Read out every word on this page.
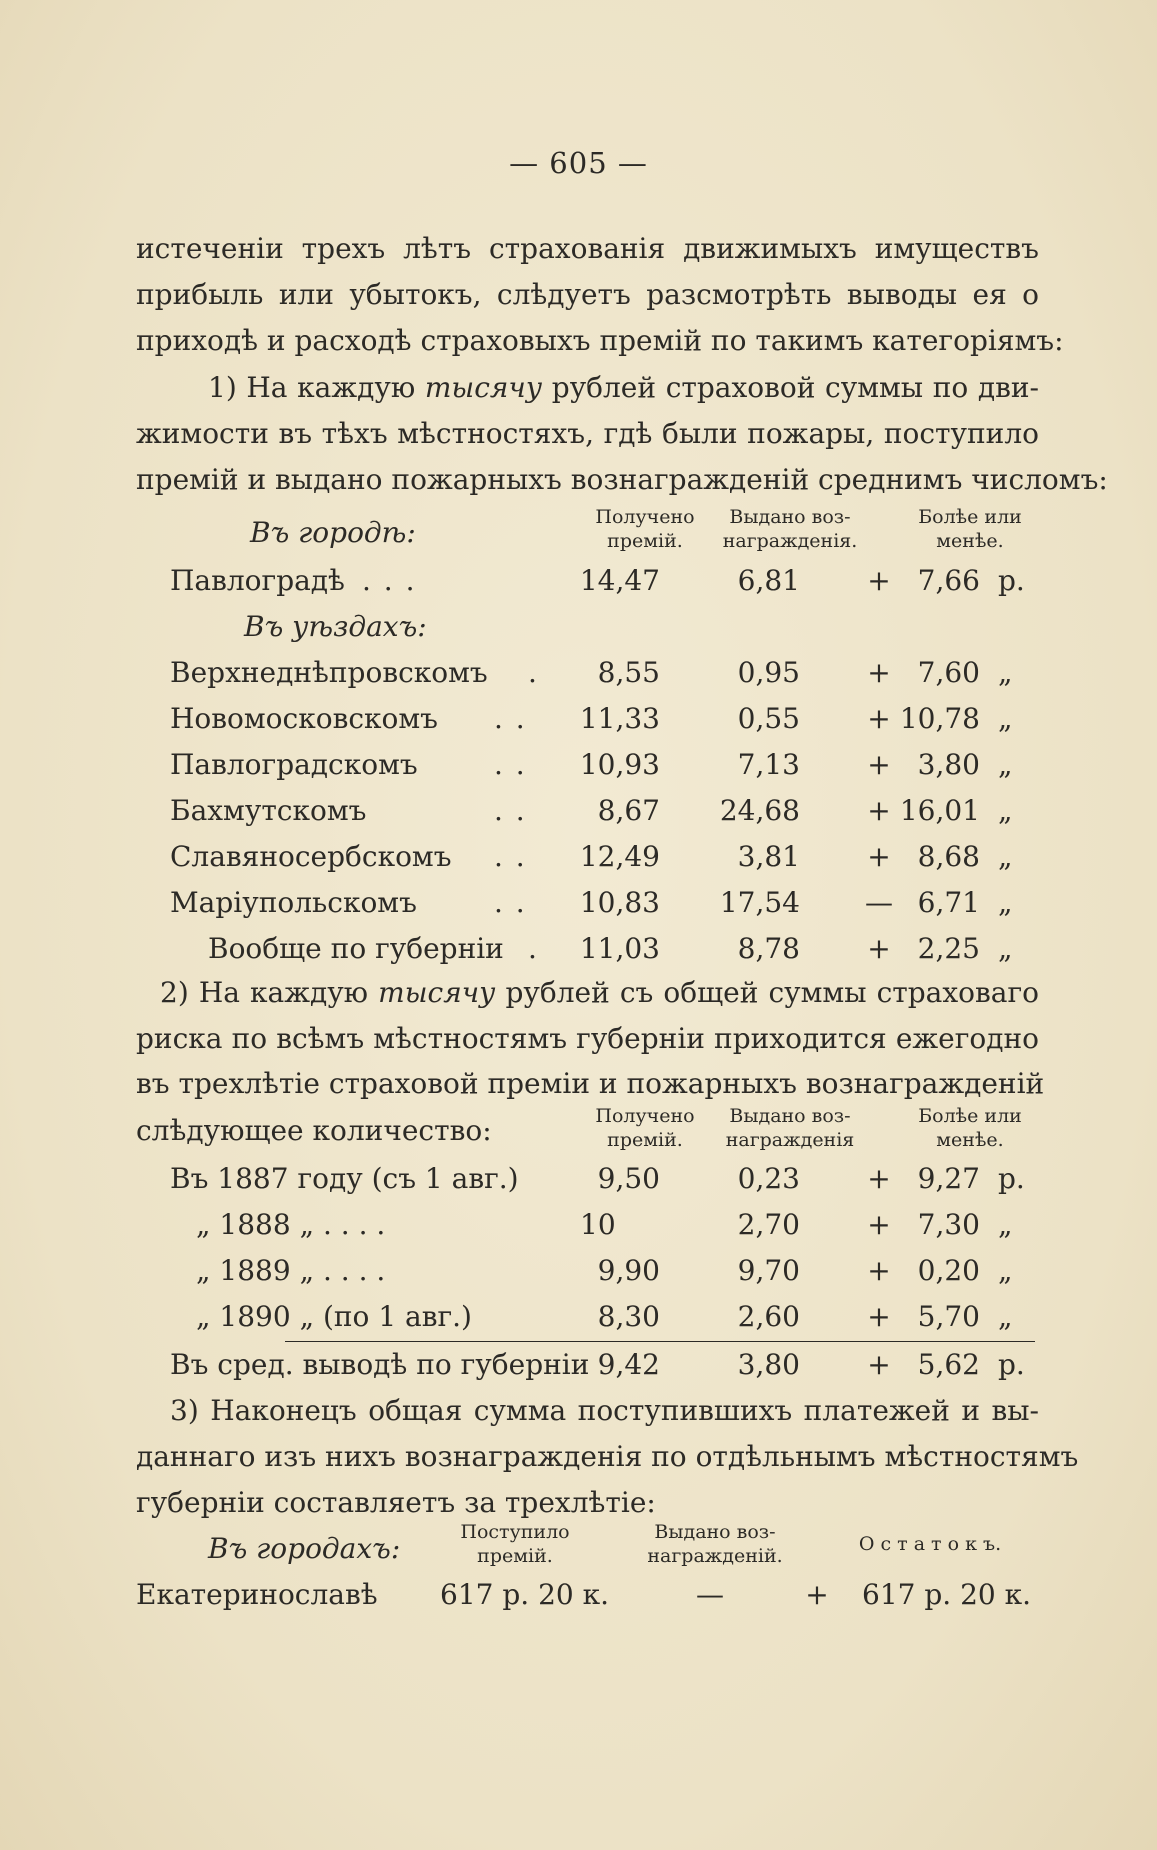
— 605 —
истеченіи трехъ лѣтъ страхованія движимыхъ имуществъ
прибыль или убытокъ, слѣдуетъ разсмотрѣть выводы ея о
приходѣ и расходѣ страховыхъ премій по такимъ категоріямъ:
1) На каждую тысячу рублей страховой суммы по дви-
жимости въ тѣхъ мѣстностяхъ, гдѣ были пожары, поступило
премій и выдано пожарныхъ вознагражденій среднимъ числомъ:
Въ городѣ:	Получено
премій.
Выдано воз-
награжденія.
Болѣе или
менѣе.
Павлоградѣ . . .	14,47	6,81 + 7,66 р.
Въ уѣздахъ:
Верхнеднѣпровскомъ .	8,55	0,95 + 7,60 „
Новомосковскомъ . .	11,33	0,55 + 10,78 „
Павлоградскомъ	. .	10,93	7,13 + 3,80 „
Бахмутскомъ	. .	8,67	24,68 + 16,01 „
Славяносербскомъ . .	12,49	3,81 + 8,68 „
Маріупольскомъ	. .	10,83	17,54 — 6,71 „
Вообще по губерніи .	11,03	8,78 + 2,25 „
2) На каждую тысячу рублей съ общей суммы страховаго
риска по всѣмъ мѣстностямъ губерніи приходится ежегодно
въ трехлѣтіе страховой преміи и пожарныхъ вознагражденій
слѣдующее количество:	Получено
премій.
Выдано воз-
награжденія
Болѣе или
менѣе.
Въ 1887 году (съ 1 авг.)	9,50	0,23 + 9,27 р.
„ 1888 „ . . . .	10	2,70 + 7,30 „
„ 1889 „ . . . .	9,90	9,70 + 0,20 „
„ 1890 „ (по 1 авг.)	8,30	2,60 + 5,70 „
Въ сред. выводѣ по губерніи 9,42	3,80 + 5,62 р.
3) Наконецъ общая сумма поступившихъ платежей и вы-
даннаго изъ нихъ вознагражденія по отдѣльнымъ мѣстностямъ
губерніи составляетъ за трехлѣтіе:
Въ городахъ:	Поступило
премій.
Выдано воз-
награжденій.
О с т а т о к ъ.
Екатеринославѣ 617 р. 20 к.	—	+ 617 р. 20 к.
